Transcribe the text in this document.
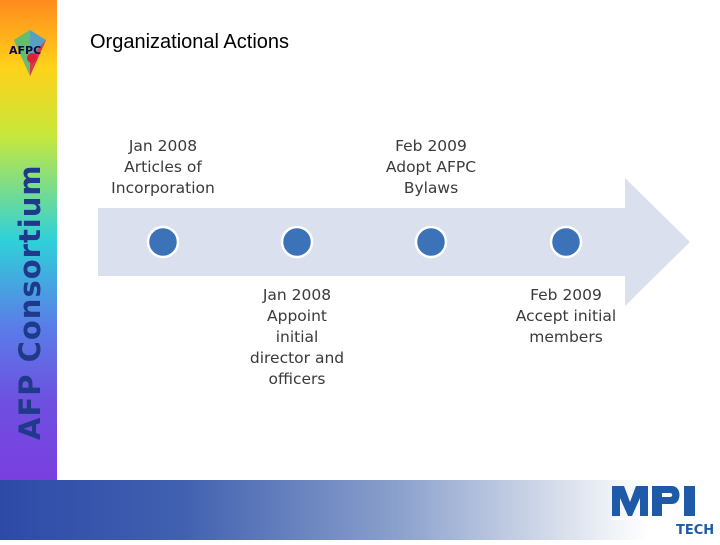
AFPC
AFP Consortium
Organizational Actions
Jan 2008
Articles of
Incorporation
Jan 2008
Appoint
initial
director and
officers
Feb 2009
Adopt AFPC
Bylaws
Feb 2009
Accept initial
members
TECH
